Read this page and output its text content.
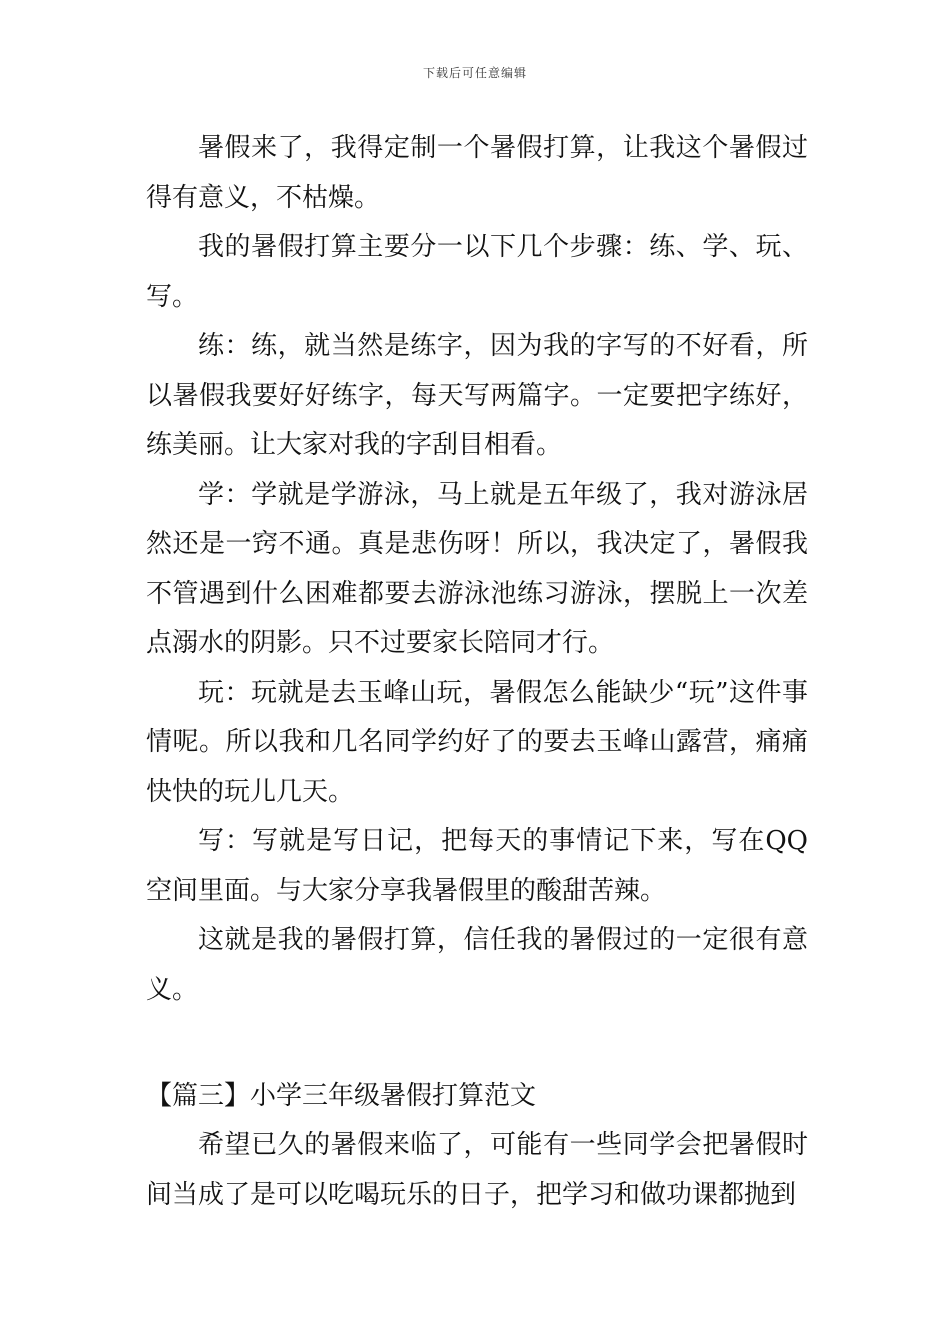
下载后可任意编辑

暑假来了，我得定制一个暑假打算，让我这个暑假过得有意义，不枯燥。

我的暑假打算主要分一以下几个步骤：练、学、玩、写。

练：练，就当然是练字，因为我的字写的不好看，所以暑假我要好好练字，每天写两篇字。一定要把字练好，练美丽。让大家对我的字刮目相看。

学：学就是学游泳，马上就是五年级了，我对游泳居然还是一窍不通。真是悲伤呀！所以，我决定了，暑假我不管遇到什么困难都要去游泳池练习游泳，摆脱上一次差点溺水的阴影。只不过要家长陪同才行。

玩：玩就是去玉峰山玩，暑假怎么能缺少“玩”这件事情呢。所以我和几名同学约好了的要去玉峰山露营，痛痛快快的玩儿几天。

写：写就是写日记，把每天的事情记下来，写在QQ空间里面。与大家分享我暑假里的酸甜苦辣。

这就是我的暑假打算，信任我的暑假过的一定很有意义。

【篇三】小学三年级暑假打算范文

希望已久的暑假来临了，可能有一些同学会把暑假时间当成了是可以吃喝玩乐的日子，把学习和做功课都抛到
